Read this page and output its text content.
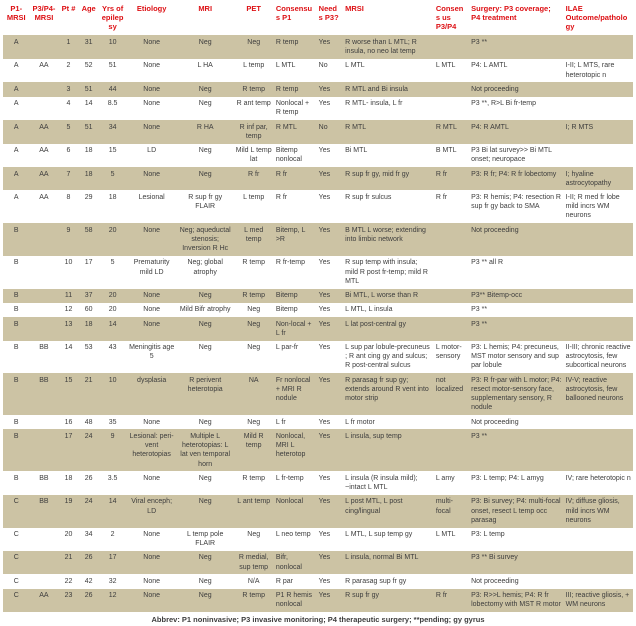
P1- MRSI	P3/P4- MRSI	Pt #	Age	Yrs of epilepsy	Etiology	MRI	PET	Consensus P1	Needs P3?	MRSI	Consens us P3/P4	Surgery: P3 coverage; P4 treatment	ILAE Outcome/pathology
A		1	31	10	None	Neg	Neg	R temp	Yes	R worse than L MTL; R insula, no neo lat temp		P3 **	
A	AA	2	52	51	None	L HA	L temp	L MTL	No	L MTL	L MTL	P4: L AMTL	I-II; L MTS, rare heterotopic n
A		3	51	44	None	Neg	R temp	R temp	Yes	R MTL and Bi insula		Not proceeding	
A		4	14	8.5	None	Neg	R ant temp	Nonlocal + R temp	Yes	R MTL- insula, L fr		P3 **, R>L Bi fr-temp	
A	AA	5	51	34	None	R HA	R inf par, temp	R MTL	No	R MTL	R MTL	P4: R AMTL	I; R MTS
A	AA	6	18	15	LD	Neg	Mild L temp lat	Bitemp nonlocal	Yes	Bi MTL	B MTL	P3 Bi lat survey>> Bi MTL onset; neuropace	
A	AA	7	18	5	None	Neg	R fr	R fr	Yes	R sup fr gy, mid fr gy	R fr	P3: R fr; P4: R fr lobectomy	I; hyaline astrocytopathy
A	AA	8	29	18	Lesional	R sup fr gy FLAIR	L temp	R fr	Yes	R sup fr sulcus	R fr	P3: R hemis; P4: resection R sup fr gy back to SMA	I-II; R med fr lobe mild incrs WM neurons
B		9	58	20	None	Neg; aqueductal stenosis; Inversion R Hc	L med temp	Bitemp, L >R	Yes	B MTL L worse; extending into limbic network		Not proceeding	
B		10	17	5	Prematurity mild LD	Neg; global atrophy	R temp	R fr-temp	Yes	R sup temp with insula; mild R post fr-temp; mild R MTL		P3 ** all R	
B		11	37	20	None	Neg	R temp	Bitemp	Yes	Bi MTL, L worse than R		P3** Bitemp-occ	
B		12	60	20	None	Mild Bifr atrophy	Neg	Bitemp	Yes	L MTL, L insula		P3 **	
B		13	18	14	None	Neg	Neg	Non-local + L fr	Yes	L lat post-central gy		P3 **	
B	BB	14	53	43	Meningitis age 5	Neg	Neg	L par-fr	Yes	L sup par lobule-precuneus ; R ant cing gy and sulcus; R post-central sulcus	L motor- sensory	P3: L hemis; P4: precuneus, MST motor sensory and sup par lobule	II-III; chronic reactive astrocytosis, few subcortical neurons
B	BB	15	21	10	dysplasia	R perivent heterotopia	NA	Fr nonlocal + MRI R nodule	Yes	R parasag fr sup gy; extends around R vent into motor strip	not localized	P3: R fr-par with L motor; P4: resect motor-sensory face, supplementary sensory, R nodule	IV-V; reactive astrocytosis, few ballooned neurons
B		16	48	35	None	Neg	Neg	L fr	Yes	L fr motor		Not proceeding	
B		17	24	9	Lesional: peri- vent heterotopias	Multiple L heterotopias: L lat ven temporal horn	Mild R temp	Nonlocal, MRI L heterotop	Yes	L insula, sup temp		P3 **	
B	BB	18	26	3.5	None	Neg	R temp	L fr-temp	Yes	L insula (R insula mild); ~intact L MTL	L amy	P3: L temp; P4: L amyg	IV; rare heterotopic n
C	BB	19	24	14	Viral enceph; LD	Neg	L ant temp	Nonlocal	Yes	L post MTL, L post cing/lingual	multi- focal	P3: Bi survey; P4: multi-focal onset, resect L temp occ parasag	IV; diffuse gliosis, mild incrs WM neurons
C		20	34	2	None	L temp pole FLAIR	Neg	L neo temp	Yes	L MTL, L sup temp gy	L MTL	P3: L temp	
C		21	26	17	None	Neg	R medial, sup temp	Bifr, nonlocal	Yes	L insula, normal Bi MTL		P3 ** Bi survey	
C		22	42	32	None	Neg	N/A	R par	Yes	R parasag sup fr gy		Not proceeding	
C	AA	23	26	12	None	Neg	R temp	P1 R hemis nonlocal	Yes	R sup fr gy	R fr	P3: R>>L hemis; P4: R fr lobectomy with MST R motor	III; reactive gliosis, + WM neurons
Abbrev: P1 noninvasive; P3 invasive monitoring; P4 therapeutic surgery; **pending; gy gyrus
